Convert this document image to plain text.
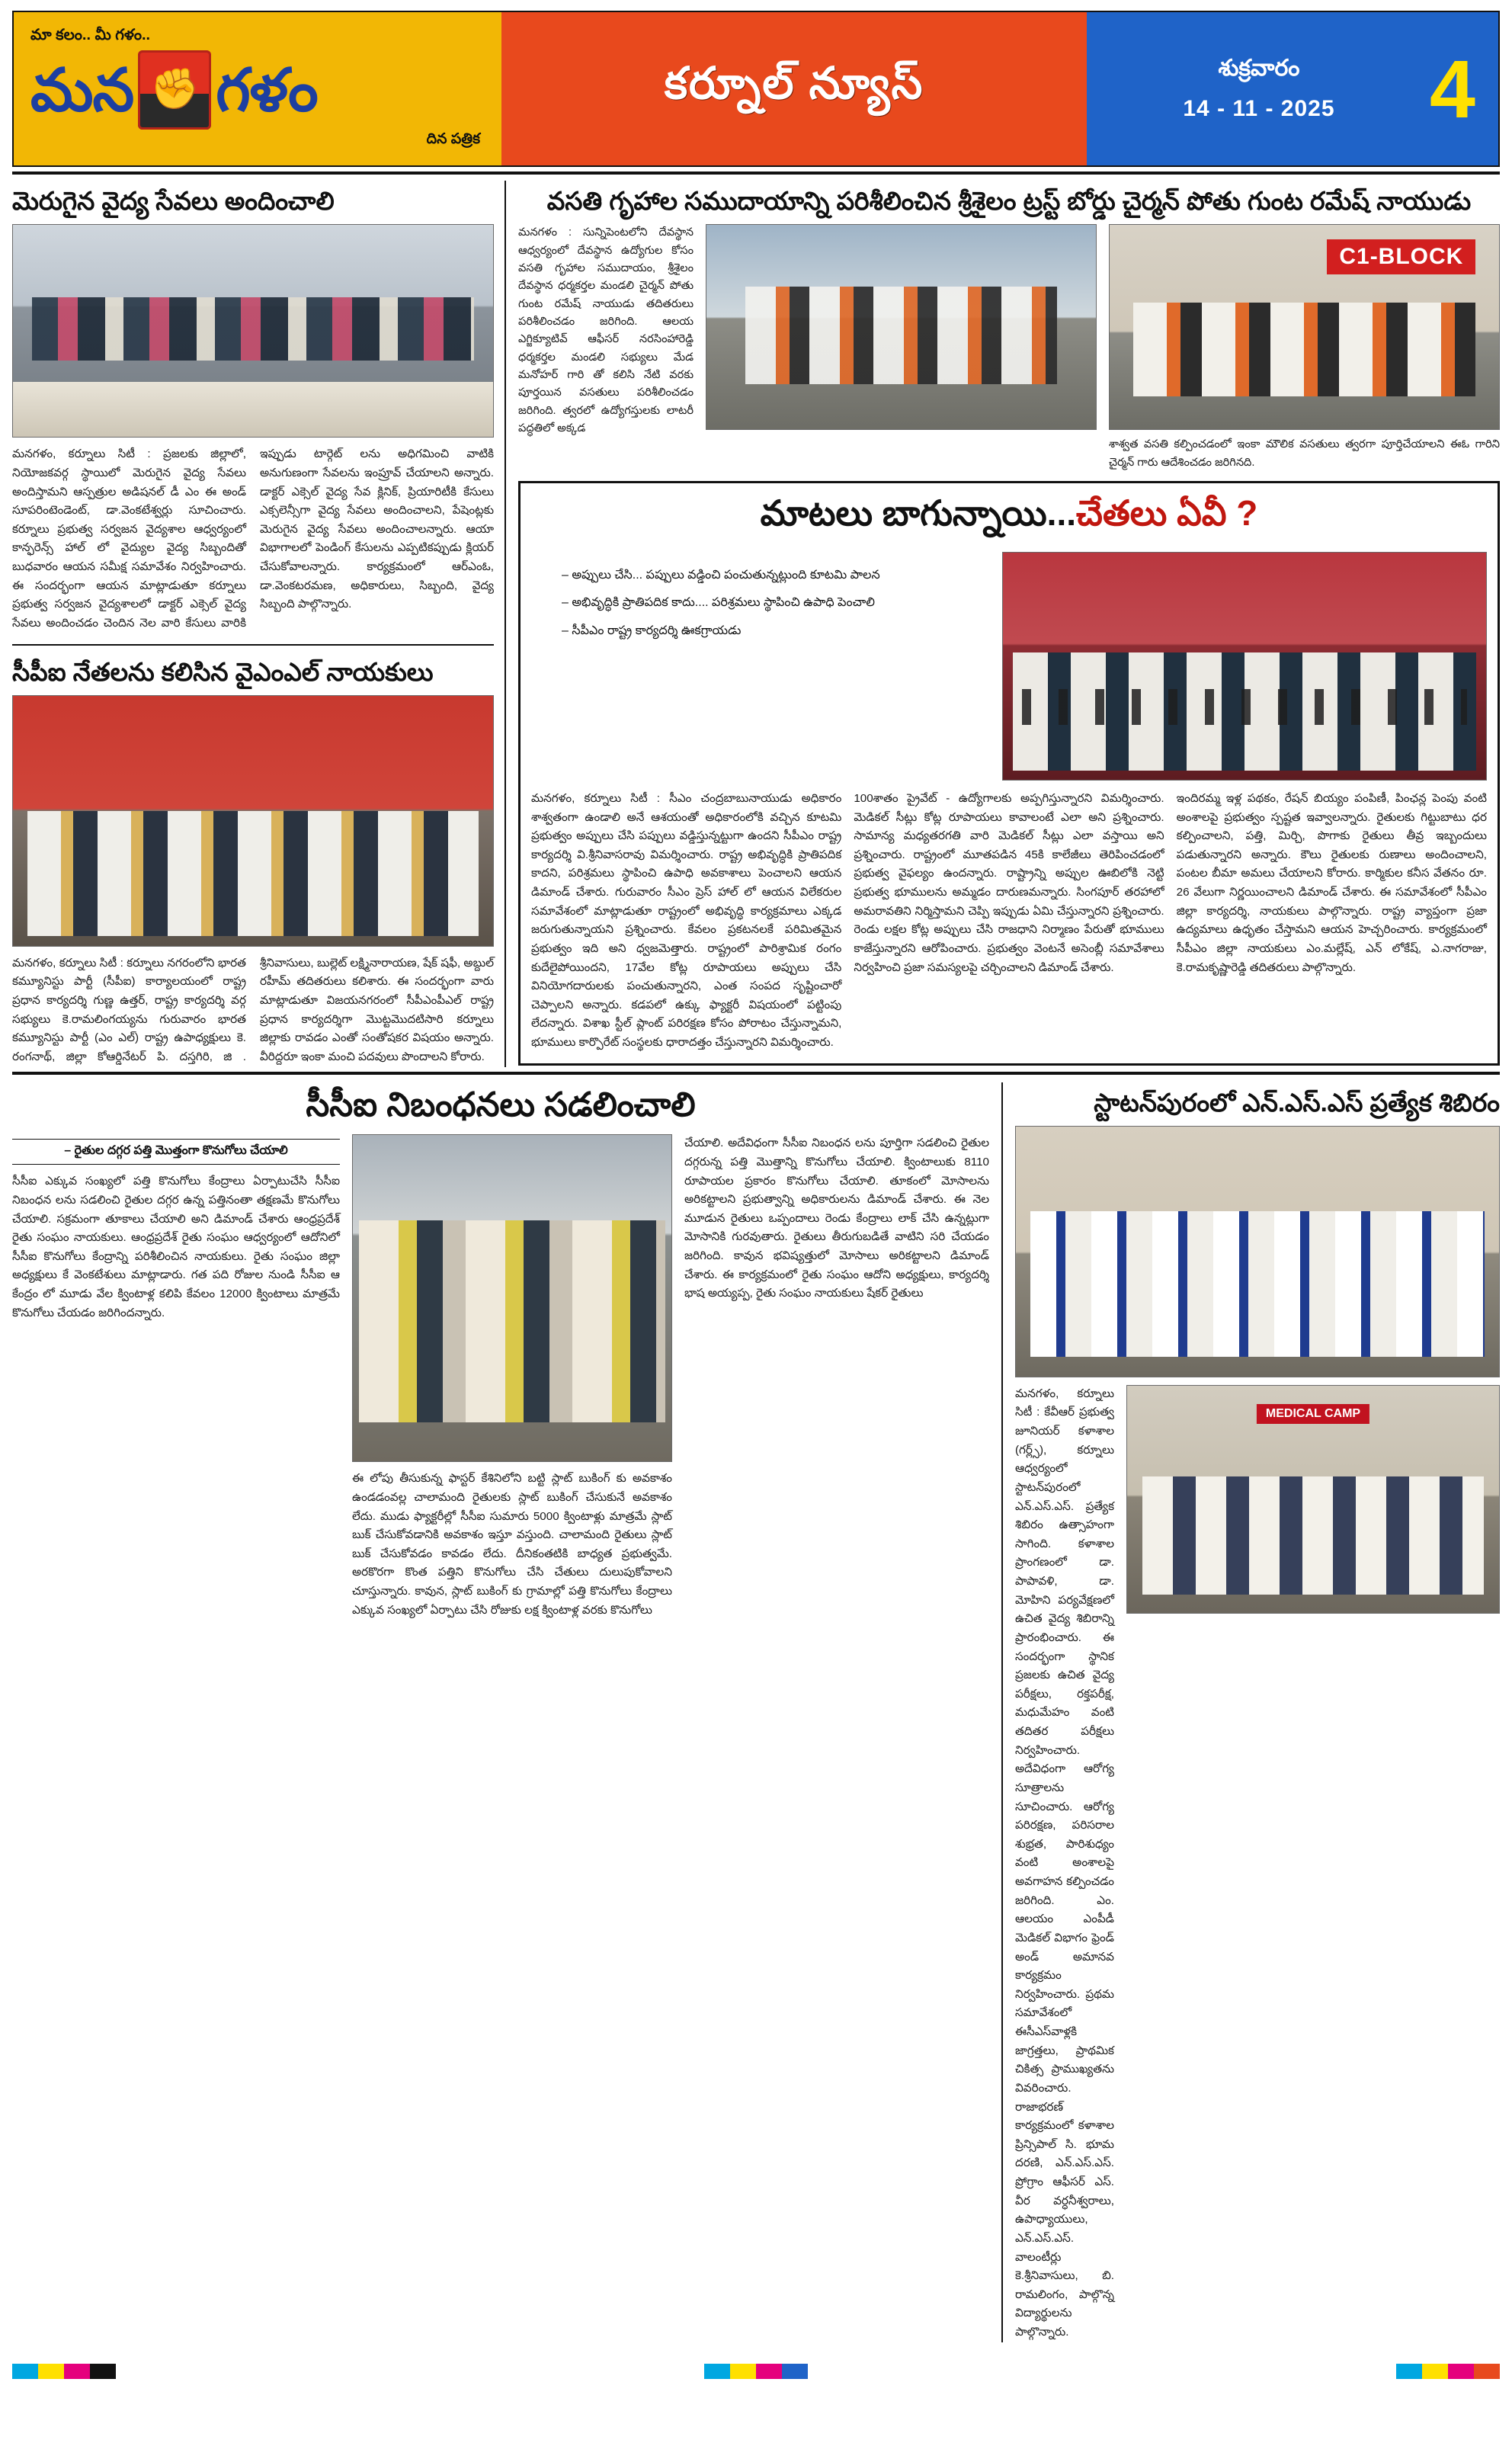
మా కలం.. మీ గళం..
మన ✊ గళం
దిన పత్రిక
కర్నూల్ న్యూస్	శుక్రవారం
14 - 11 - 2025	4
మెరుగైన వైద్య సేవలు అందించాలి
మనగళం, కర్నూలు సిటీ : ప్రజలకు జిల్లాలో, నియోజకవర్గ స్థాయిలో మెరుగైన వైద్య సేవలు అందిస్తామని ఆస్పత్రుల అడిషనల్ డీ ఎం ఈ అండ్ సూపరింటెండెంట్, డా.వెంకటేశ్వర్లు సూచించారు. కర్నూలు ప్రభుత్వ సర్వజన వైద్యశాల ఆధ్వర్యంలో కాన్ఫరెన్స్ హాల్ లో వైద్యుల వైద్య సిబ్బందితో బుధవారం ఆయన సమీక్ష సమావేశం నిర్వహించారు. ఈ సందర్భంగా ఆయన మాట్లాడుతూ కర్నూలు ప్రభుత్వ సర్వజన వైద్యశాలలో డాక్టర్ ఎక్సెల్ వైద్య సేవలు అందించడం చెందిన నెల వారి కేసులు వారికి ఇప్పుడు టార్గెట్ లను అధిగమించి వాటికి అనుగుణంగా సేవలను ఇంప్రూవ్ చేయాలని అన్నారు. డాక్టర్ ఎక్సెల్ వైద్య సేవ క్లినిక్, ప్రియారిటీకి కేసులు ఎక్సలెన్సీగా వైద్య సేవలు అందించాలని, పేషెంట్లకు మెరుగైన వైద్య సేవలు అందించాలన్నారు. ఆయా విభాగాలలో పెండింగ్ కేసులను ఎప్పటికప్పుడు క్లియర్ చేసుకోవాలన్నారు. కార్యక్రమంలో ఆర్ఎంఓ, డా.వెంకటరమణ, అధికారులు, సిబ్బంది, వైద్య సిబ్బంది పాల్గొన్నారు.
సీపీఐ నేతలను కలిసిన వైఎంఎల్ నాయకులు
మనగళం, కర్నూలు సిటీ : కర్నూలు నగరంలోని భారత కమ్యూనిస్టు పార్టీ (సీపీఐ) కార్యాలయంలో రాష్ట్ర ప్రధాన కార్యదర్శి గుణ్ణ ఉత్తర్, రాష్ట్ర కార్యదర్శి వర్గ సభ్యులు కె.రామలింగయ్యను గురువారం భారత కమ్యూనిస్టు పార్టీ (ఎం ఎల్) రాష్ట్ర ఉపాధ్యక్షులు కె. రంగనాథ్, జిల్లా కోఆర్డినేటర్ పి. దస్తగిరి, జి . శ్రీనివాసులు, బుల్లెట్ లక్ష్మినారాయణ, షేక్ షఫీ, అబ్దుల్ రహీమ్ తదితరులు కలిశారు. ఈ సందర్భంగా వారు మాట్లాడుతూ విజయనగరంలో సీపీఎంపీఎల్ రాష్ట్ర ప్రధాన కార్యదర్శిగా మొట్టమొదటిసారి కర్నూలు జిల్లాకు రావడం ఎంతో సంతోషకర విషయం అన్నారు. వీరిద్దరూ ఇంకా మంచి పదవులు పొందాలని కోరారు.
వసతి గృహాల సముదాయాన్ని పరిశీలించిన శ్రీశైలం ట్రస్ట్ బోర్డు చైర్మన్ పోతు గుంట రమేష్ నాయుడు
మనగళం : సున్నిపెంటలోని దేవస్థాన ఆధ్వర్యంలో దేవస్థాన ఉద్యోగుల కోసం వసతి గృహాల సముదాయం, శ్రీశైలం దేవస్థాన ధర్మకర్తల మండలి చైర్మన్ పోతు గుంట రమేష్ నాయుడు తదితరులు పరిశీలించడం జరిగింది. ఆలయ ఎగ్జిక్యూటివ్ ఆఫీసర్ నరసింహారెడ్డి ధర్మకర్తల మండలి సభ్యులు మేడ మనోహర్ గారి తో కలిసి నేటి వరకు పూర్తయిన వసతులు పరిశీలించడం జరిగింది. త్వరలో ఉద్యోగస్తులకు లాటరీ పద్ధతిలో అక్కడ
C1-BLOCK
శాశ్వత వసతి కల్పించడంలో ఇంకా మౌలిక వసతులు త్వరగా పూర్తిచేయాలని ఈఓ గారిని చైర్మన్ గారు ఆదేశించడం జరిగినది.
మాటలు బాగున్నాయి...చేతలు ఏవీ ?
– అప్పులు చేసి... పప్పులు వడ్డించి పంచుతున్నట్లుంది కూటమి పాలన
– అభివృద్ధికి ప్రాతిపదిక కాదు.... పరిశ్రమలు స్థాపించి ఉపాధి పెంచాలి
– సీపీఎం రాష్ట్ర కార్యదర్శి ఊకగ్రాయడు
మనగళం, కర్నూలు సిటీ : సీఎం చంద్రబాబునాయుడు అధికారం శాశ్వతంగా ఉండాలి అనే ఆశయంతో అధికారంలోకి వచ్చిన కూటమి ప్రభుత్వం అప్పులు చేసి పప్పులు వడ్డిస్తున్నట్టుగా ఉందని సీపీఎం రాష్ట్ర కార్యదర్శి వి.శ్రీనివాసరావు విమర్శించారు. రాష్ట్ర అభివృద్ధికి ప్రాతిపదిక కాదని, పరిశ్రమలు స్థాపించి ఉపాధి అవకాశాలు పెంచాలని ఆయన డిమాండ్ చేశారు. గురువారం సీఎం ప్రెస్ హాల్ లో ఆయన విలేకరుల సమావేశంలో మాట్లాడుతూ రాష్ట్రంలో అభివృద్ధి కార్యక్రమాలు ఎక్కడ జరుగుతున్నాయని ప్రశ్నించారు. కేవలం ప్రకటనలకే పరిమితమైన ప్రభుత్వం ఇది అని ధ్వజమెత్తారు. రాష్ట్రంలో పారిశ్రామిక రంగం కుదేలైపోయిందని, 17వేల కోట్ల రూపాయలు అప్పులు చేసి వినియోగదారులకు పంచుతున్నారని, ఎంత సంపద సృష్టించారో చెప్పాలని అన్నారు. కడపలో ఉక్కు ఫ్యాక్టరీ విషయంలో పట్టింపు లేదన్నారు. విశాఖ స్టీల్ ప్లాంట్ పరిరక్షణ కోసం పోరాటం చేస్తున్నామని, భూములు కార్పొరేట్ సంస్థలకు ధారాదత్తం చేస్తున్నారని విమర్శించారు.
100శాతం ప్రైవేట్ - ఉద్యోగాలకు అప్పగిస్తున్నారని విమర్శించారు. మెడికల్ సీట్లు కోట్ల రూపాయలు కావాలంటే ఎలా అని ప్రశ్నించారు. సామాన్య మధ్యతరగతి వారి మెడికల్ సీట్లు ఎలా వస్తాయి అని ప్రశ్నించారు. రాష్ట్రంలో మూతపడిన 45కి కాలేజీలు తెరిపించడంలో ప్రభుత్వ వైఫల్యం ఉందన్నారు. రాష్ట్రాన్ని అప్పుల ఊబిలోకి నెట్టి ప్రభుత్వ భూములను అమ్మడం దారుణమన్నారు. సింగపూర్ తరహాలో అమరావతిని నిర్మిస్తామని చెప్పి ఇప్పుడు ఏమి చేస్తున్నారని ప్రశ్నించారు. రెండు లక్షల కోట్ల అప్పులు చేసి రాజధాని నిర్మాణం పేరుతో భూములు కాజేస్తున్నారని ఆరోపించారు. ప్రభుత్వం వెంటనే అసెంబ్లీ సమావేశాలు నిర్వహించి ప్రజా సమస్యలపై చర్చించాలని డిమాండ్ చేశారు.
ఇందిరమ్మ ఇళ్ల పథకం, రేషన్ బియ్యం పంపిణీ, పింఛన్ల పెంపు వంటి అంశాలపై ప్రభుత్వం స్పష్టత ఇవ్వాలన్నారు. రైతులకు గిట్టుబాటు ధర కల్పించాలని, పత్తి, మిర్చి, పొగాకు రైతులు తీవ్ర ఇబ్బందులు పడుతున్నారని అన్నారు. కౌలు రైతులకు రుణాలు అందించాలని, పంటల బీమా అమలు చేయాలని కోరారు. కార్మికుల కనీస వేతనం రూ. 26 వేలుగా నిర్ణయించాలని డిమాండ్ చేశారు. ఈ సమావేశంలో సీపీఎం జిల్లా కార్యదర్శి, నాయకులు పాల్గొన్నారు. రాష్ట్ర వ్యాప్తంగా ప్రజా ఉద్యమాలు ఉధృతం చేస్తామని ఆయన హెచ్చరించారు. కార్యక్రమంలో సీపీఎం జిల్లా నాయకులు ఎం.మల్లేష్, ఎన్ లోకేష్, ఎ.నాగరాజు, కె.రామకృష్ణారెడ్డి తదితరులు పాల్గొన్నారు.
సీసీఐ నిబంధనలు సడలించాలి
– రైతుల దగ్గర పత్తి మొత్తంగా కొనుగోలు చేయాలి
సీసీఐ ఎక్కువ సంఖ్యలో పత్తి కొనుగోలు కేంద్రాలు ఏర్పాటుచేసి సీసీఐ నిబంధన లను సడలించి రైతుల దగ్గర ఉన్న పత్తినంతా తక్షణమే కొనుగోలు చేయాలి. సక్రమంగా తూకాలు చేయాలి అని డిమాండ్ చేశారు ఆంధ్రప్రదేశ్ రైతు సంఘం నాయకులు. ఆంధ్రప్రదేశ్ రైతు సంఘం ఆధ్వర్యంలో ఆదోనిలో సీసీఐ కొనుగోలు కేంద్రాన్ని పరిశీలించిన నాయకులు. రైతు సంఘం జిల్లా అధ్యక్షులు కే వెంకటేశులు మాట్లాడారు. గత పది రోజుల నుండి సీసీఐ ఆ కేంద్రం లో మూడు వేల క్వింటాళ్ల కలిపి కేవలం 12000 క్వింటాలు మాత్రమే కొనుగోలు చేయడం జరిగిందన్నారు.
ఈ లోపు తీసుకున్న ఫాస్టర్ కేశినిలోని బట్టి స్లాట్ బుకింగ్ కు అవకాశం ఉండడంవల్ల చాలామంది రైతులకు స్లాట్ బుకింగ్ చేసుకునే అవకాశం లేదు. ముడు ఫ్యాక్టరీల్లో సీసీఐ సుమారు 5000 క్వింటాళ్లు మాత్రమే స్లాట్ బుక్ చేసుకోవడానికి అవకాశం ఇస్తూ వస్తుంది. చాలామంది రైతులు స్లాట్ బుక్ చేసుకోవడం కావడం లేదు. దీనికంతటికి బాధ్యత ప్రభుత్వమే. అరకొరగా కొంత పత్తిని కొనుగోలు చేసి చేతులు దులుపుకోవాలని చూస్తున్నారు. కావున, స్లాట్ బుకింగ్ కు గ్రామాల్లో పత్తి కొనుగోలు కేంద్రాలు ఎక్కువ సంఖ్యలో ఏర్పాటు చేసి రోజుకు లక్ష క్వింటాళ్ల వరకు కొనుగోలు
చేయాలి. అదేవిధంగా సీసీఐ నిబంధన లను పూర్తిగా సడలించి రైతుల దగ్గరున్న పత్తి మొత్తాన్ని కొనుగోలు చేయాలి. క్వింటాలుకు 8110 రూపాయల ప్రకారం కొనుగోలు చేయాలి. తూకంలో మోసాలను అరికట్టాలని ప్రభుత్వాన్ని అధికారులను డిమాండ్ చేశారు. ఈ నెల మూడున రైతులు ఒప్పందాలు రెండు కేంద్రాలు లాక్ చేసి ఉన్నట్లుగా మోసానికి గురవుతారు. రైతులు తీరుగుబడితే వాటిని సరి చేయడం జరిగింది. కావున భవిష్యత్తులో మోసాలు అరికట్టాలని డిమాండ్ చేశారు. ఈ కార్యక్రమంలో రైతు సంఘం ఆదోని అధ్యక్షులు, కార్యదర్శి భాష అయ్యప్ప, రైతు సంఘం నాయకులు షేకర్ రైతులు
స్టాటన్‌పురంలో ఎన్‌.ఎస్‌.ఎస్ ప్రత్యేక శిబిరం
మనగళం, కర్నూలు సిటీ : కేవీఆర్ ప్రభుత్వ జూనియర్ కళాశాల (గర్ల్స్), కర్నూలు ఆధ్వర్యంలో స్టాటన్‌పురంలో ఎన్.ఎస్.ఎస్. ప్రత్యేక శిబిరం ఉత్సాహంగా సాగింది. కళాశాల ప్రాంగణంలో డా. పాపావళి, డా. మోహిని పర్యవేక్షణలో ఉచిత వైద్య శిబిరాన్ని ప్రారంభించారు. ఈ సందర్భంగా స్థానిక ప్రజలకు ఉచిత వైద్య పరీక్షలు, రక్తపరీక్ష, మధుమేహం వంటి తదితర పరీక్షలు నిర్వహించారు. అదేవిధంగా ఆరోగ్య సూత్రాలను సూచించారు. ఆరోగ్య పరిరక్షణ, పరిసరాల శుభ్రత, పారిశుధ్యం వంటి అంశాలపై అవగాహన కల్పించడం జరిగింది. ఎం. ఆలయం ఎంపీడీ మెడికల్ విభాగం ఫ్రెండ్ అండ్ అమానవ కార్యక్రమం నిర్వహించారు. ప్రథమ సమావేశంలో ఈసీఎస్‌వాళ్లకి జాగ్రత్తలు, ప్రాథమిక చికిత్స ప్రాముఖ్యతను వివరించారు. రాజాభరణ్ కార్యక్రమంలో కళాశాల ప్రిన్సిపాల్ సి. భూమ దరణి, ఎన్.ఎస్.ఎస్. ప్రోగ్రాం ఆఫీసర్ ఎస్. వీర వర్ధనీశ్వరాలు, ఉపాధ్యాయులు, ఎన్.ఎస్.ఎస్. వాలంటీర్లు కె.శ్రీనివాసులు, బి. రామలింగం, పాల్గొన్న విద్యార్థులను పాల్గొన్నారు.
MEDICAL CAMP
